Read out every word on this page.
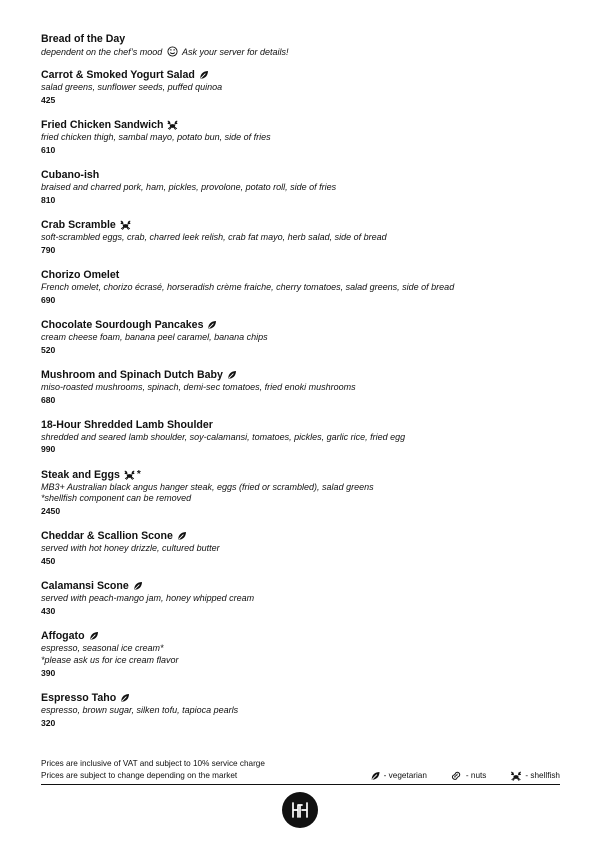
Bread of the Day
dependent on the chef’s mood Ask your server for details!
Carrot & Smoked Yogurt Salad
salad greens, sunflower seeds, puffed quinoa
425
Fried Chicken Sandwich
fried chicken thigh, sambal mayo, potato bun, side of fries
610
Cubano-ish
braised and charred pork, ham, pickles, provolone, potato roll, side of fries
810
Crab Scramble
soft-scrambled eggs, crab, charred leek relish, crab fat mayo, herb salad, side of bread
790
Chorizo Omelet
French omelet, chorizo écrasé, horseradish crème fraiche, cherry tomatoes, salad greens, side of bread
690
Chocolate Sourdough Pancakes
cream cheese foam, banana peel caramel, banana chips
520
Mushroom and Spinach Dutch Baby
miso-roasted mushrooms, spinach, demi-sec tomatoes, fried enoki mushrooms
680
18-Hour Shredded Lamb Shoulder
shredded and seared lamb shoulder, soy-calamansi, tomatoes, pickles, garlic rice, fried egg
990
Steak and Eggs *
MB3+ Australian black angus hanger steak, eggs (fried or scrambled), salad greens
*shellfish component can be removed
2450
Cheddar & Scallion Scone
served with hot honey drizzle, cultured butter
450
Calamansi Scone
served with peach-mango jam, honey whipped cream
430
Affogato
espresso, seasonal ice cream*
*please ask us for ice cream flavor
390
Espresso Taho
espresso, brown sugar, silken tofu, tapioca pearls
320
Prices are inclusive of VAT and subject to 10% service charge
Prices are subject to change depending on the market	- vegetarian	- nuts	- shellfish
